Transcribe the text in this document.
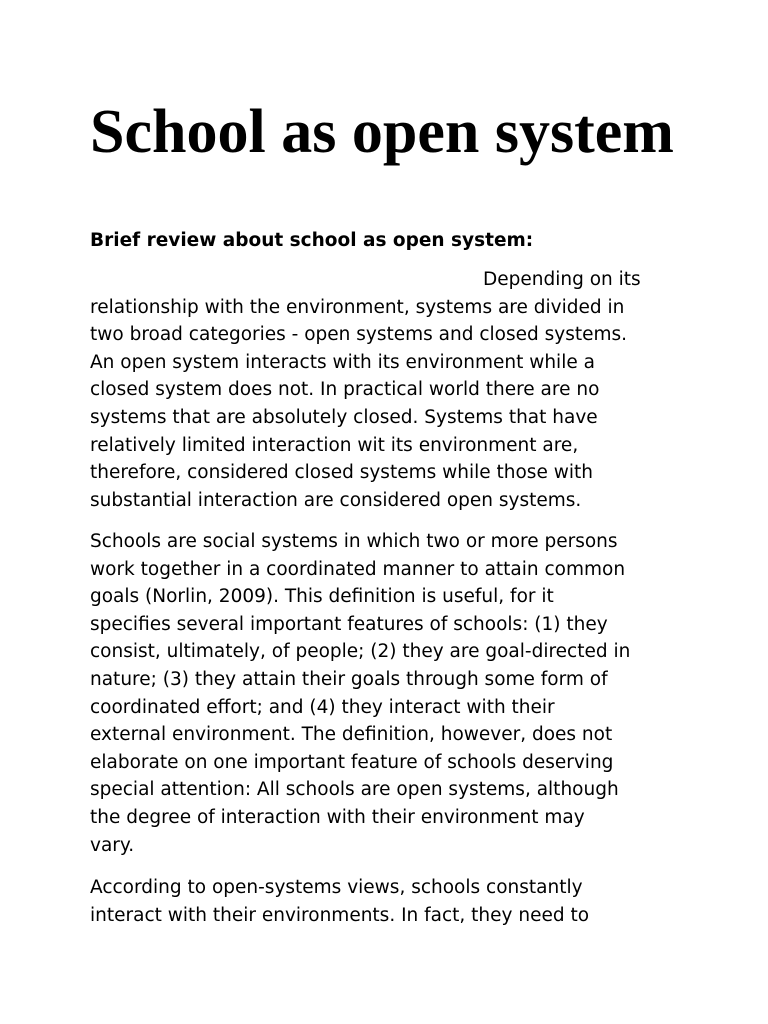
School as open system

Brief review about school as open system:

Depending on its
relationship with the environment, systems are divided in
two broad categories - open systems and closed systems.
An open system interacts with its environment while a
closed system does not. In practical world there are no
systems that are absolutely closed. Systems that have
relatively limited interaction wit its environment are,
therefore, considered closed systems while those with
substantial interaction are considered open systems.

Schools are social systems in which two or more persons
work together in a coordinated manner to attain common
goals (Norlin, 2009). This definition is useful, for it
specifies several important features of schools: (1) they
consist, ultimately, of people; (2) they are goal-directed in
nature; (3) they attain their goals through some form of
coordinated effort; and (4) they interact with their
external environment. The definition, however, does not
elaborate on one important feature of schools deserving
special attention: All schools are open systems, although
the degree of interaction with their environment may
vary.

According to open-systems views, schools constantly
interact with their environments. In fact, they need to
